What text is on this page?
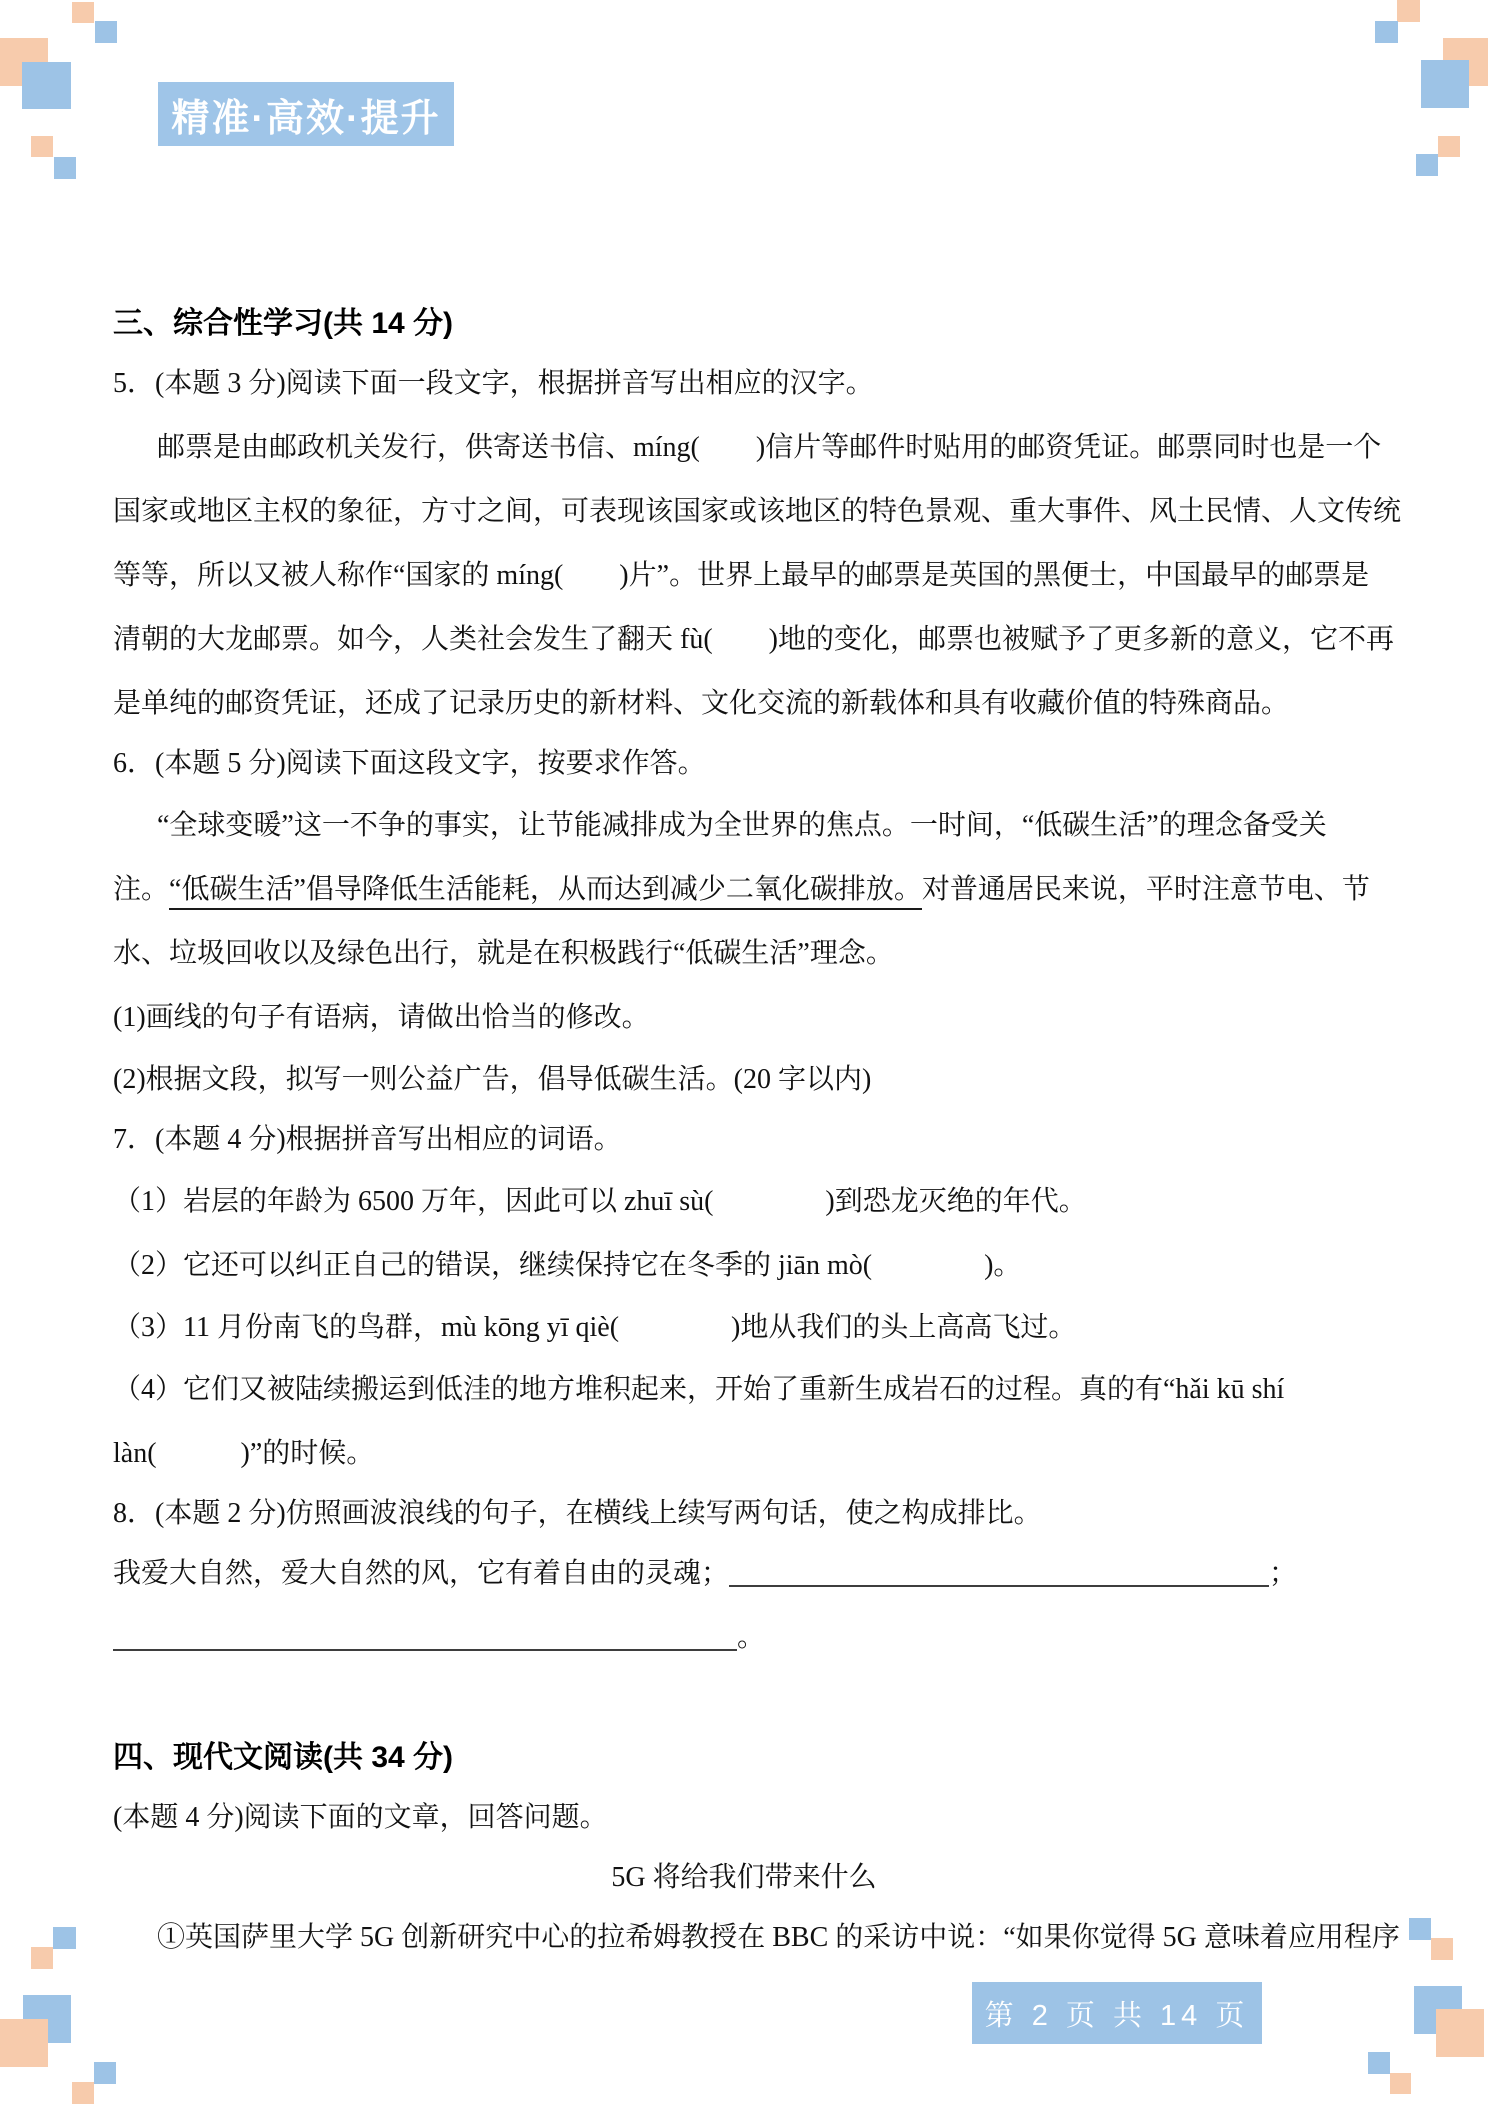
精准·高效·提升
三、综合性学习(共 14 分)
5．(本题 3 分)阅读下面一段文字，根据拼音写出相应的汉字。
邮票是由邮政机关发行，供寄送书信、míng(　　)信片等邮件时贴用的邮资凭证。邮票同时也是一个
国家或地区主权的象征，方寸之间，可表现该国家或该地区的特色景观、重大事件、风土民情、人文传统
等等，所以又被人称作“国家的 míng(　　)片”。世界上最早的邮票是英国的黑便士，中国最早的邮票是
清朝的大龙邮票。如今，人类社会发生了翻天 fù(　　)地的变化，邮票也被赋予了更多新的意义，它不再
是单纯的邮资凭证，还成了记录历史的新材料、文化交流的新载体和具有收藏价值的特殊商品。
6．(本题 5 分)阅读下面这段文字，按要求作答。
“全球变暖”这一不争的事实，让节能减排成为全世界的焦点。一时间，“低碳生活”的理念备受关
注。“低碳生活”倡导降低生活能耗，从而达到减少二氧化碳排放。对普通居民来说，平时注意节电、节
水、垃圾回收以及绿色出行，就是在积极践行“低碳生活”理念。
(1)画线的句子有语病，请做出恰当的修改。
(2)根据文段，拟写一则公益广告，倡导低碳生活。(20 字以内)
7．(本题 4 分)根据拼音写出相应的词语。
（1）岩层的年龄为 6500 万年，因此可以 zhuī sù(　　　　)到恐龙灭绝的年代。
（2）它还可以纠正自己的错误，继续保持它在冬季的 jiān mò(　　　　)。
（3）11 月份南飞的鸟群，mù kōng yī qiè(　　　　)地从我们的头上高高飞过。
（4）它们又被陆续搬运到低洼的地方堆积起来，开始了重新生成岩石的过程。真的有“hǎi kū shí
làn(　　　)”的时候。
8．(本题 2 分)仿照画波浪线的句子，在横线上续写两句话，使之构成排比。
我爱大自然，爱大自然的风，它有着自由的灵魂；	；
。
四、现代文阅读(共 34 分)
(本题 4 分)阅读下面的文章，回答问题。
5G 将给我们带来什么
①英国萨里大学 5G 创新研究中心的拉希姆教授在 BBC 的采访中说：“如果你觉得 5G 意味着应用程序
第 2 页 共 14 页
